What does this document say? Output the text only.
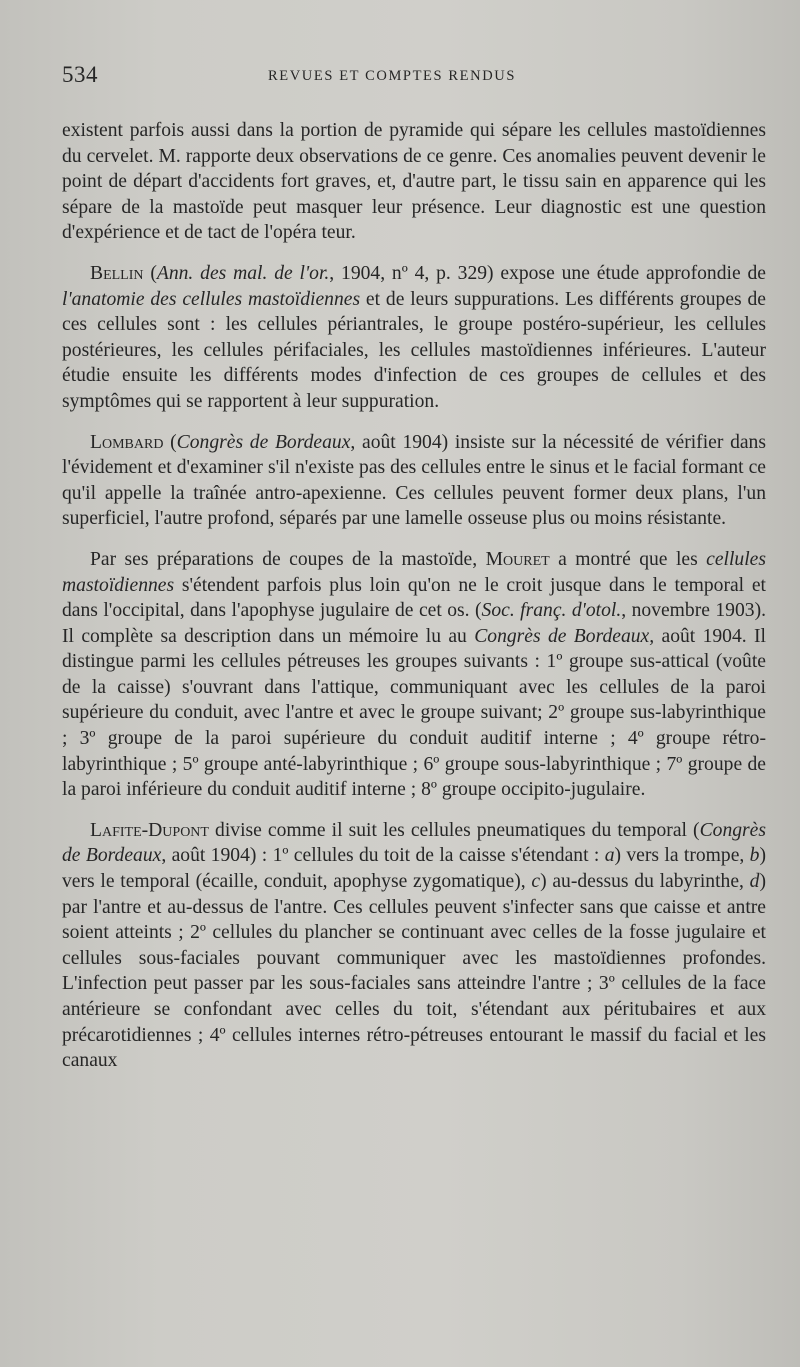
534	REVUES ET COMPTES RENDUS

existent parfois aussi dans la portion de pyramide qui sépare les cellules mastoïdiennes du cervelet. M. rapporte deux observations de ce genre. Ces anomalies peuvent devenir le point de départ d'accidents fort graves, et, d'autre part, le tissu sain en apparence qui les sépare de la mastoïde peut masquer leur présence. Leur diagnostic est une question d'expérience et de tact de l'opéra teur.

Bellin (Ann. des mal. de l'or., 1904, nº 4, p. 329) expose une étude approfondie de l'anatomie des cellules mastoïdiennes et de leurs suppurations. Les différents groupes de ces cellules sont : les cellules périantrales, le groupe postéro-supérieur, les cellules postérieures, les cellules périfaciales, les cellules mastoïdiennes inférieures. L'auteur étudie ensuite les différents modes d'infection de ces groupes de cellules et des symptômes qui se rapportent à leur suppuration.

Lombard (Congrès de Bordeaux, août 1904) insiste sur la nécessité de vérifier dans l'évidement et d'examiner s'il n'existe pas des cellules entre le sinus et le facial formant ce qu'il appelle la traînée antro-apexienne. Ces cellules peuvent former deux plans, l'un superficiel, l'autre profond, séparés par une lamelle osseuse plus ou moins résistante.

Par ses préparations de coupes de la mastoïde, Mouret a montré que les cellules mastoïdiennes s'étendent parfois plus loin qu'on ne le croit jusque dans le temporal et dans l'occipital, dans l'apophyse jugulaire de cet os. (Soc. franç. d'otol., novembre 1903). Il complète sa description dans un mémoire lu au Congrès de Bordeaux, août 1904. Il distingue parmi les cellules pétreuses les groupes suivants : 1º groupe sus-attical (voûte de la caisse) s'ouvrant dans l'attique, communiquant avec les cellules de la paroi supérieure du conduit, avec l'antre et avec le groupe suivant; 2º groupe sus-labyrinthique ; 3º groupe de la paroi supérieure du conduit auditif interne ; 4º groupe rétro-labyrinthique ; 5º groupe anté-labyrinthique ; 6º groupe sous-labyrinthique ; 7º groupe de la paroi inférieure du conduit auditif interne ; 8º groupe occipito-jugulaire.

Lafite-Dupont divise comme il suit les cellules pneumatiques du temporal (Congrès de Bordeaux, août 1904) : 1º cellules du toit de la caisse s'étendant : a) vers la trompe, b) vers le temporal (écaille, conduit, apophyse zygomatique), c) au-dessus du labyrinthe, d) par l'antre et au-dessus de l'antre. Ces cellules peuvent s'infecter sans que caisse et antre soient atteints ; 2º cellules du plancher se continuant avec celles de la fosse jugulaire et cellules sous-faciales pouvant communiquer avec les mastoïdiennes profondes. L'infection peut passer par les sous-faciales sans atteindre l'antre ; 3º cellules de la face antérieure se confondant avec celles du toit, s'étendant aux péritubaires et aux précarotidiennes ; 4º cellules internes rétro-pétreuses entourant le massif du facial et les canaux
